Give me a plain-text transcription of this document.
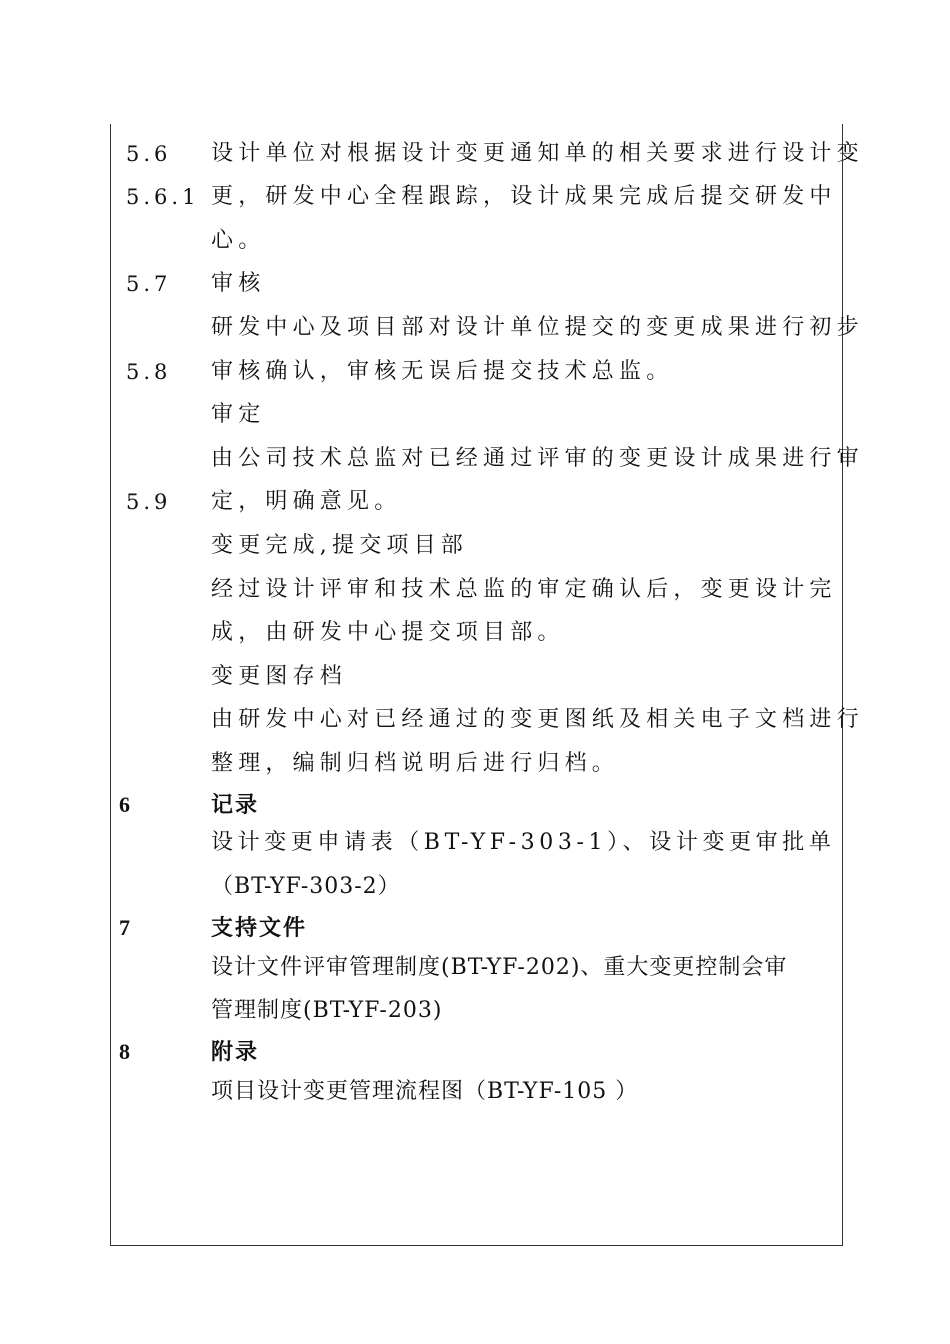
5.6
5.6.1
5.7
5.8
5.9
6
7
8
设计单位对根据设计变更通知单的相关要求进行设计变
更，研发中心全程跟踪，设计成果完成后提交研发中
心。
审核
研发中心及项目部对设计单位提交的变更成果进行初步
审核确认，审核无误后提交技术总监。
审定
由公司技术总监对已经通过评审的变更设计成果进行审
定，明确意见。
变更完成,提交项目部
经过设计评审和技术总监的审定确认后，变更设计完
成，由研发中心提交项目部。
变更图存档
由研发中心对已经通过的变更图纸及相关电子文档进行
整理，编制归档说明后进行归档。
记录
设计变更申请表（BT-YF-303-1）、设计变更审批单
（BT-YF-303-2）
支持文件
设计文件评审管理制度(BT-YF-202)、重大变更控制会审
管理制度(BT-YF-203)
附录
项目设计变更管理流程图（BT-YF-105 ）
